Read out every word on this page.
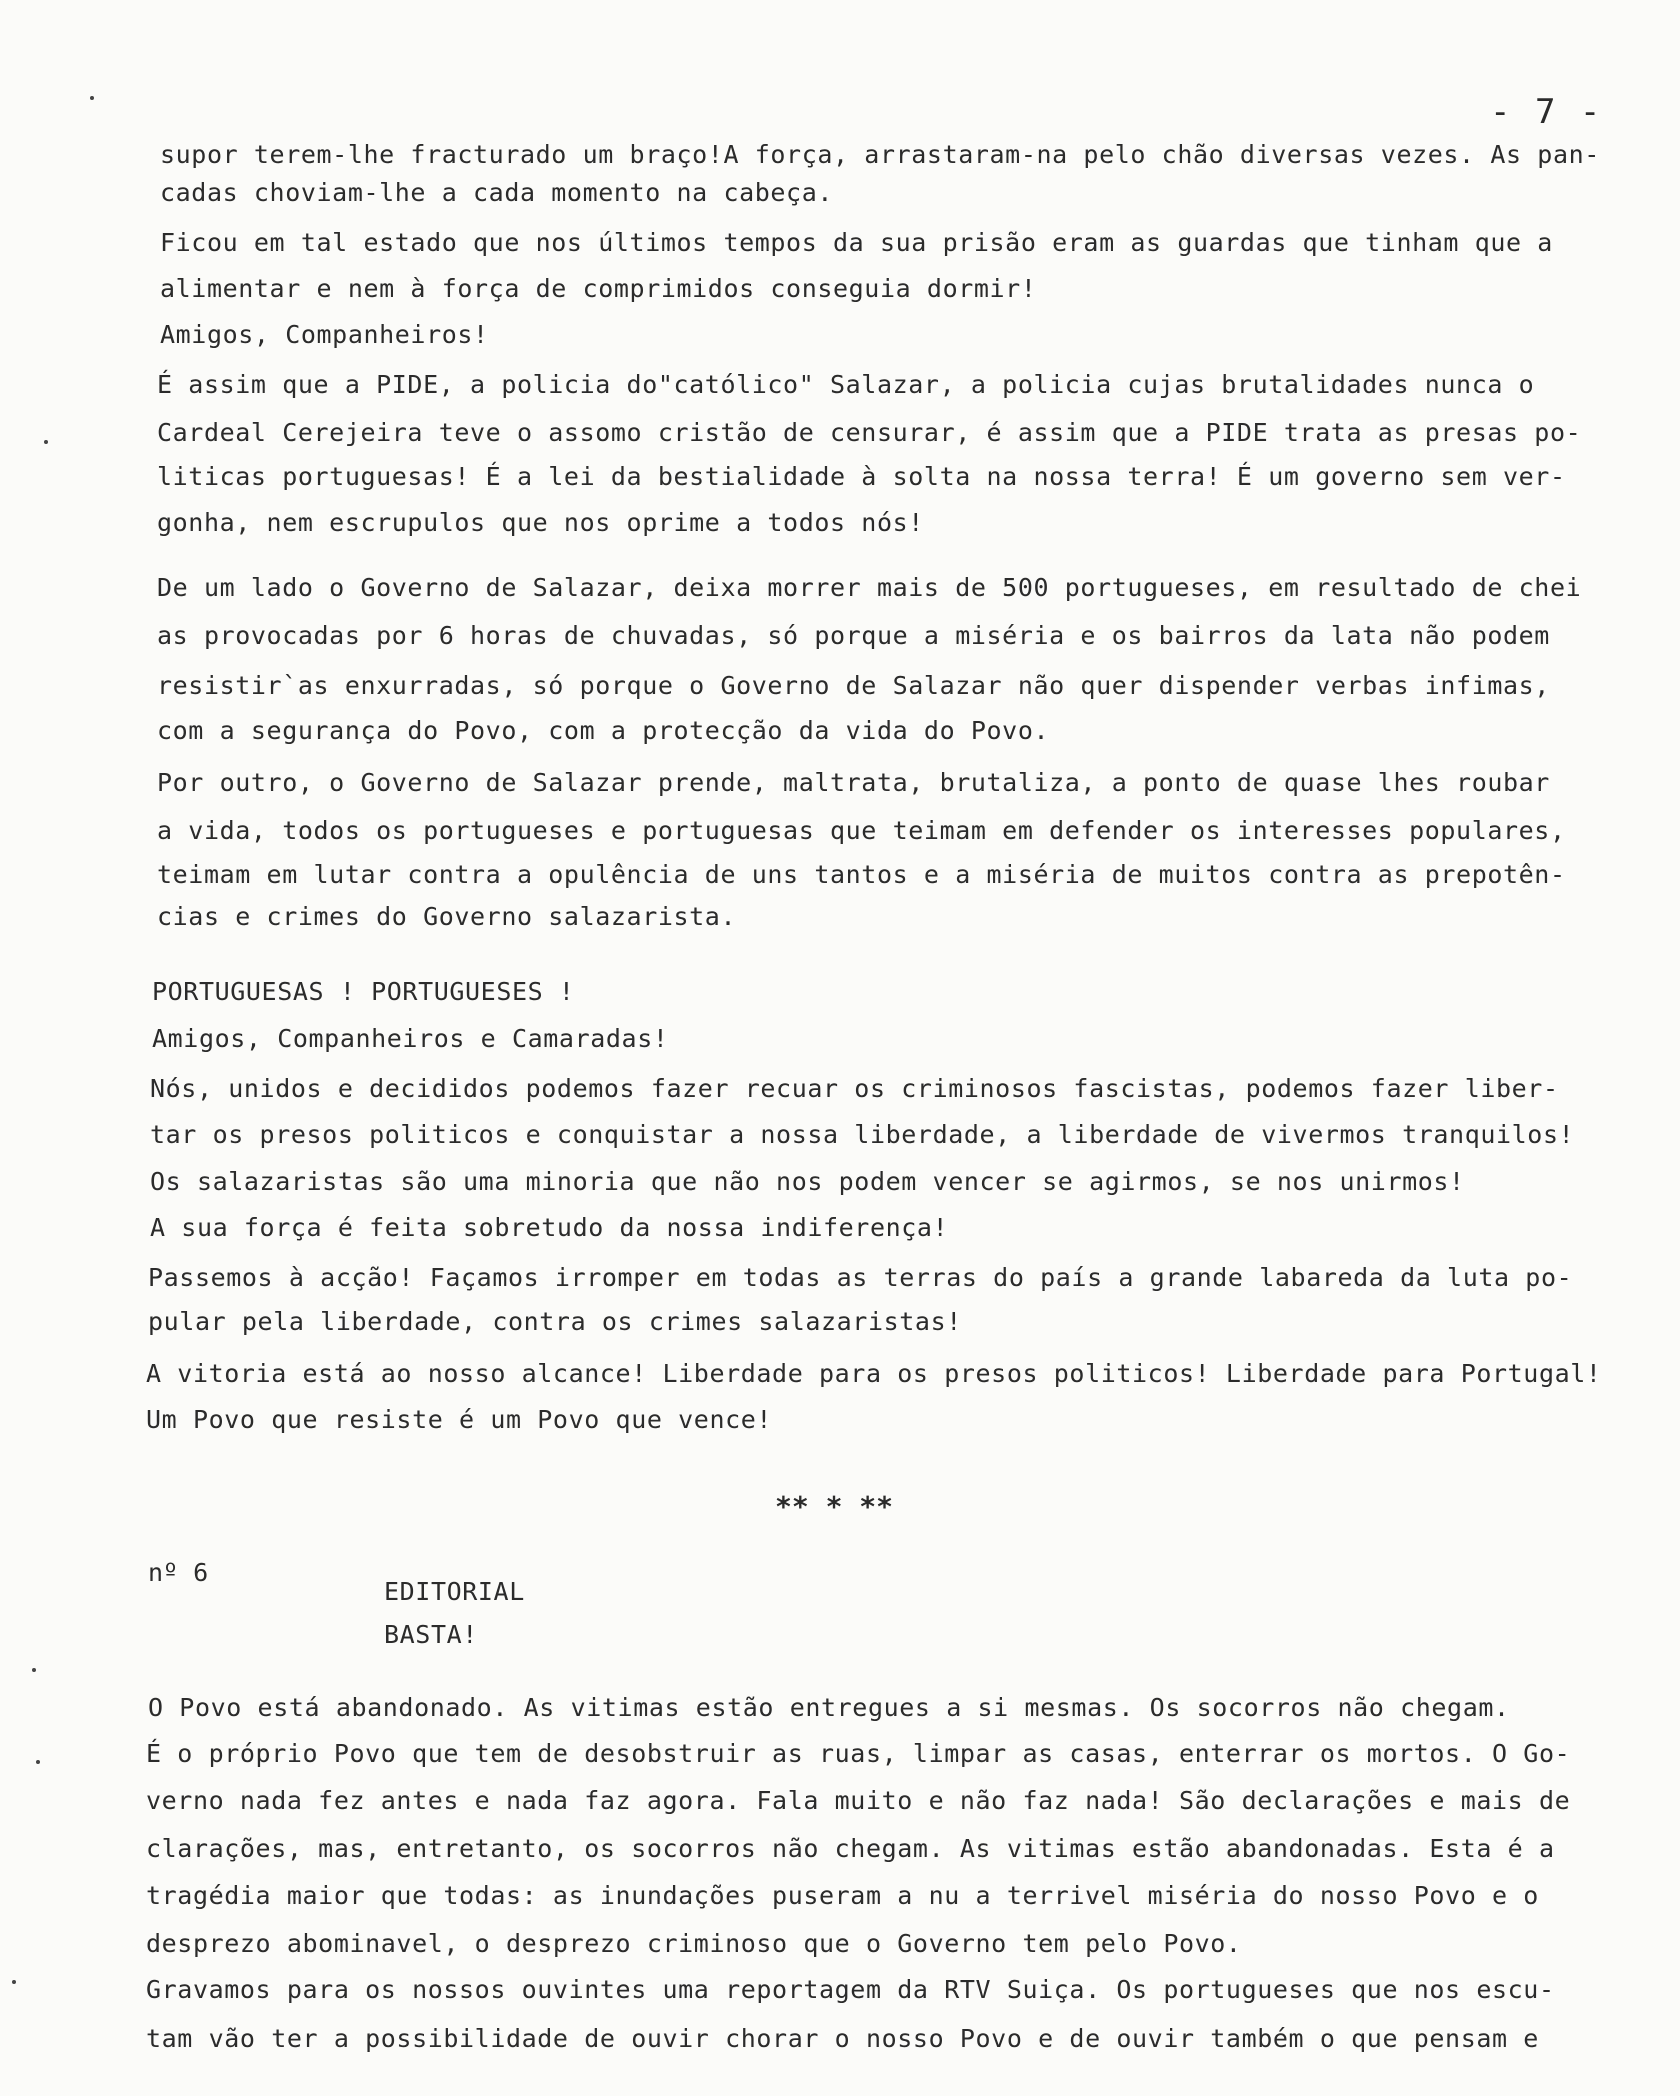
- 7 -
supor terem-lhe fracturado um braço!A força, arrastaram-na pelo chão diversas vezes. As pan-
cadas choviam-lhe a cada momento na cabeça.
Ficou em tal estado que nos últimos tempos da sua prisão eram as guardas que tinham que a
alimentar e nem à força de comprimidos conseguia dormir!
Amigos, Companheiros!
É assim que a PIDE, a policia do"católico" Salazar, a policia cujas brutalidades nunca o
Cardeal Cerejeira teve o assomo cristão de censurar, é assim que a PIDE trata as presas po-
liticas portuguesas! É a lei da bestialidade à solta na nossa terra! É um governo sem ver-
gonha, nem escrupulos que nos oprime a todos nós!
De um lado o Governo de Salazar, deixa morrer mais de 500 portugueses, em resultado de chei
as provocadas por 6 horas de chuvadas, só porque a miséria e os bairros da lata não podem
resistir`as enxurradas, só porque o Governo de Salazar não quer dispender verbas infimas,
com a segurança do Povo, com a protecção da vida do Povo.
Por outro, o Governo de Salazar prende, maltrata, brutaliza, a ponto de quase lhes roubar
a vida, todos os portugueses e portuguesas que teimam em defender os interesses populares,
teimam em lutar contra a opulência de uns tantos e a miséria de muitos contra as prepotên-
cias e crimes do Governo salazarista.
PORTUGUESAS ! PORTUGUESES !
Amigos, Companheiros e Camaradas!
Nós, unidos e decididos podemos fazer recuar os criminosos fascistas, podemos fazer liber-
tar os presos politicos e conquistar a nossa liberdade, a liberdade de vivermos tranquilos!
Os salazaristas são uma minoria que não nos podem vencer se agirmos, se nos unirmos!
A sua força é feita sobretudo da nossa indiferença!
Passemos à acção! Façamos irromper em todas as terras do país a grande labareda da luta po-
pular pela liberdade, contra os crimes salazaristas!
A vitoria está ao nosso alcance! Liberdade para os presos politicos! Liberdade para Portugal!
Um Povo que resiste é um Povo que vence!
** * **
nº 6
EDITORIAL
BASTA!
O Povo está abandonado. As vitimas estão entregues a si mesmas. Os socorros não chegam.
É o próprio Povo que tem de desobstruir as ruas, limpar as casas, enterrar os mortos. O Go-
verno nada fez antes e nada faz agora. Fala muito e não faz nada! São declarações e mais de
clarações, mas, entretanto, os socorros não chegam. As vitimas estão abandonadas. Esta é a
tragédia maior que todas: as inundações puseram a nu a terrivel miséria do nosso Povo e o
desprezo abominavel, o desprezo criminoso que o Governo tem pelo Povo.
Gravamos para os nossos ouvintes uma reportagem da RTV Suiça. Os portugueses que nos escu-
tam vão ter a possibilidade de ouvir chorar o nosso Povo e de ouvir também o que pensam e
